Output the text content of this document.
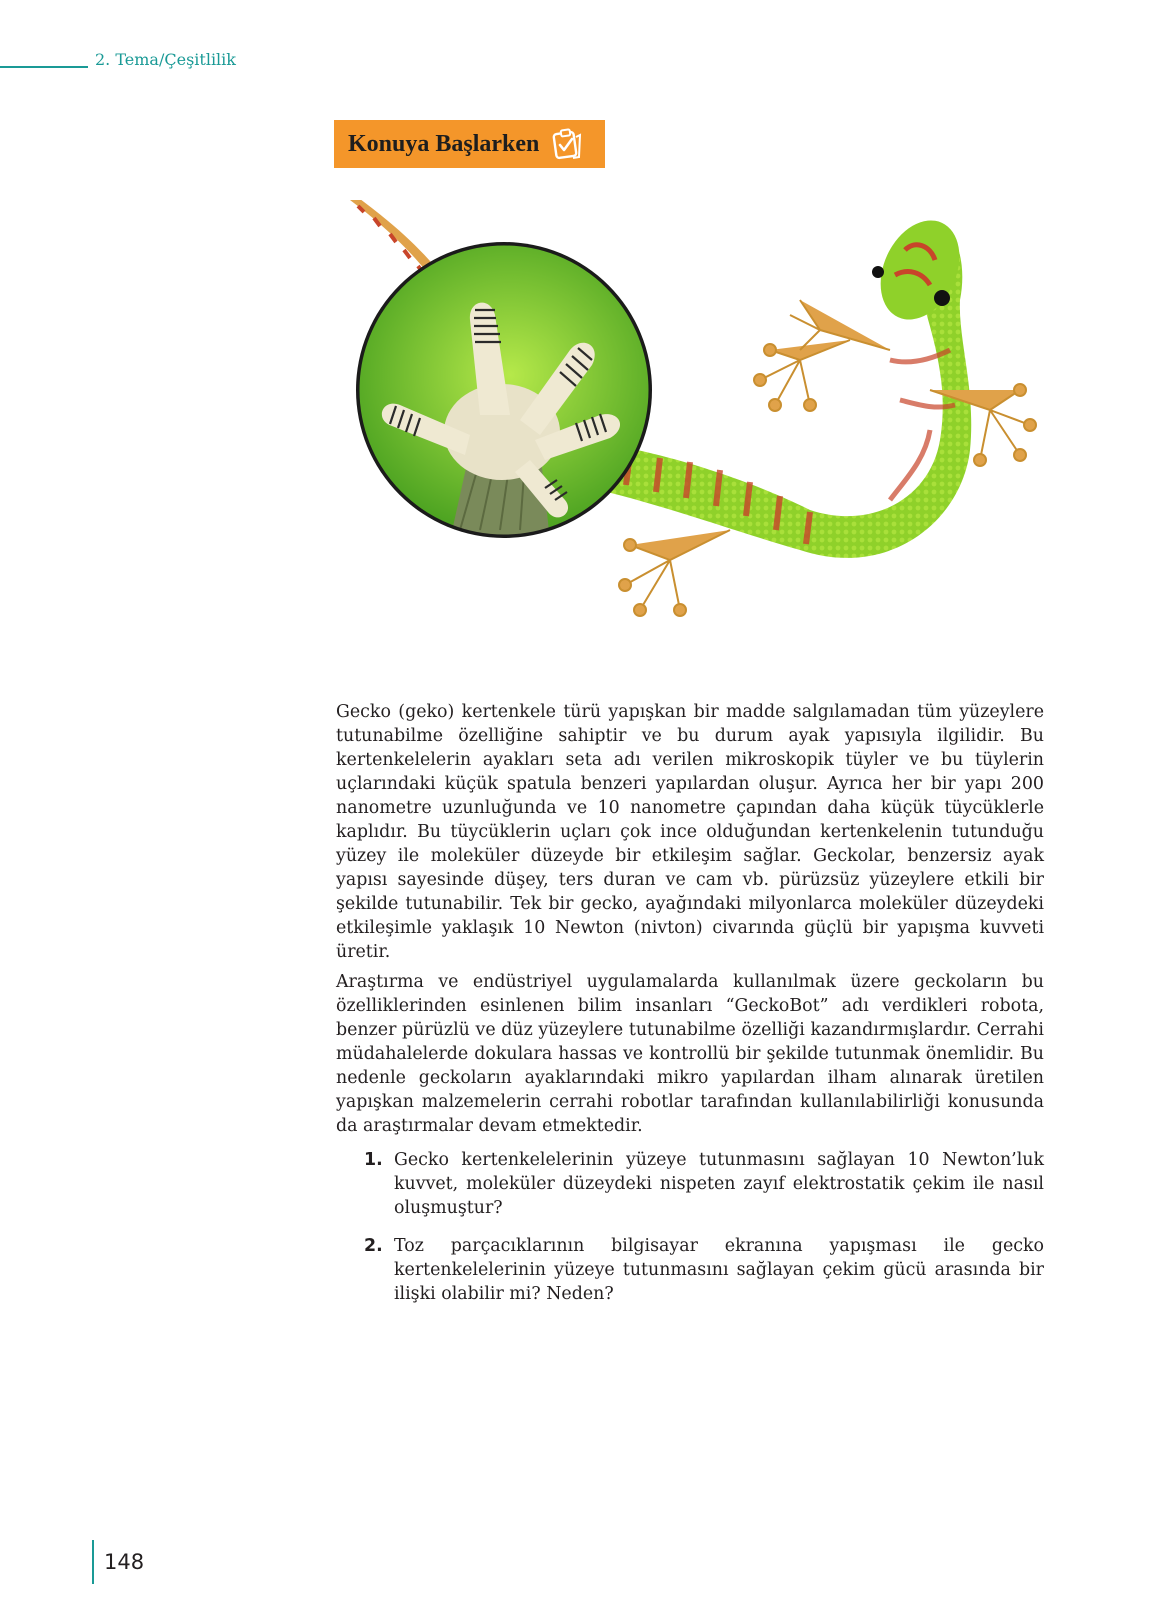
2. Tema/Çeşitlilik
Konuya Başlarken

Gecko (geko) kertenkele türü yapışkan bir madde salgılamadan tüm yüzeylere tutunabilme özelliğine sahiptir ve bu durum ayak yapısıyla ilgilidir. Bu kertenkelelerin ayakları seta adı verilen mikroskopik tüyler ve bu tüylerin uçlarındaki küçük spatula benzeri yapılardan oluşur. Ayrıca her bir yapı 200 nanometre uzunluğunda ve 10 nanometre çapından daha küçük tüycüklerle kaplıdır. Bu tüycüklerin uçları çok ince olduğundan kertenkelenin tutunduğu yüzey ile moleküler düzeyde bir etkileşim sağlar. Geckolar, benzersiz ayak yapısı sayesinde düşey, ters duran ve cam vb. pürüzsüz yüzeylere etkili bir şekilde tutunabilir. Tek bir gecko, ayağındaki milyonlarca moleküler düzeydeki etkileşimle yaklaşık 10 Newton (nivton) civarında güçlü bir yapışma kuvveti üretir.

Araştırma ve endüstriyel uygulamalarda kullanılmak üzere geckoların bu özelliklerinden esinlenen bilim insanları “GeckoBot” adı verdikleri robota, benzer pürüzlü ve düz yüzeylere tutunabilme özelliği kazandırmışlardır. Cerrahi müdahalelerde dokulara hassas ve kontrollü bir şekilde tutunmak önemlidir. Bu nedenle geckoların ayaklarındaki mikro yapılardan ilham alınarak üretilen yapışkan malzemelerin cerrahi robotlar tarafından kullanılabilirliği konusunda da araştırmalar devam etmektedir.

1. Gecko kertenkelelerinin yüzeye tutunmasını sağlayan 10 Newton’luk kuvvet, moleküler düzeydeki nispeten zayıf elektrostatik çekim ile nasıl oluşmuştur?
2. Toz parçacıklarının bilgisayar ekranına yapışması ile gecko kertenkelelerinin yüzeye tutunmasını sağlayan çekim gücü arasında bir ilişki olabilir mi? Neden?
148
